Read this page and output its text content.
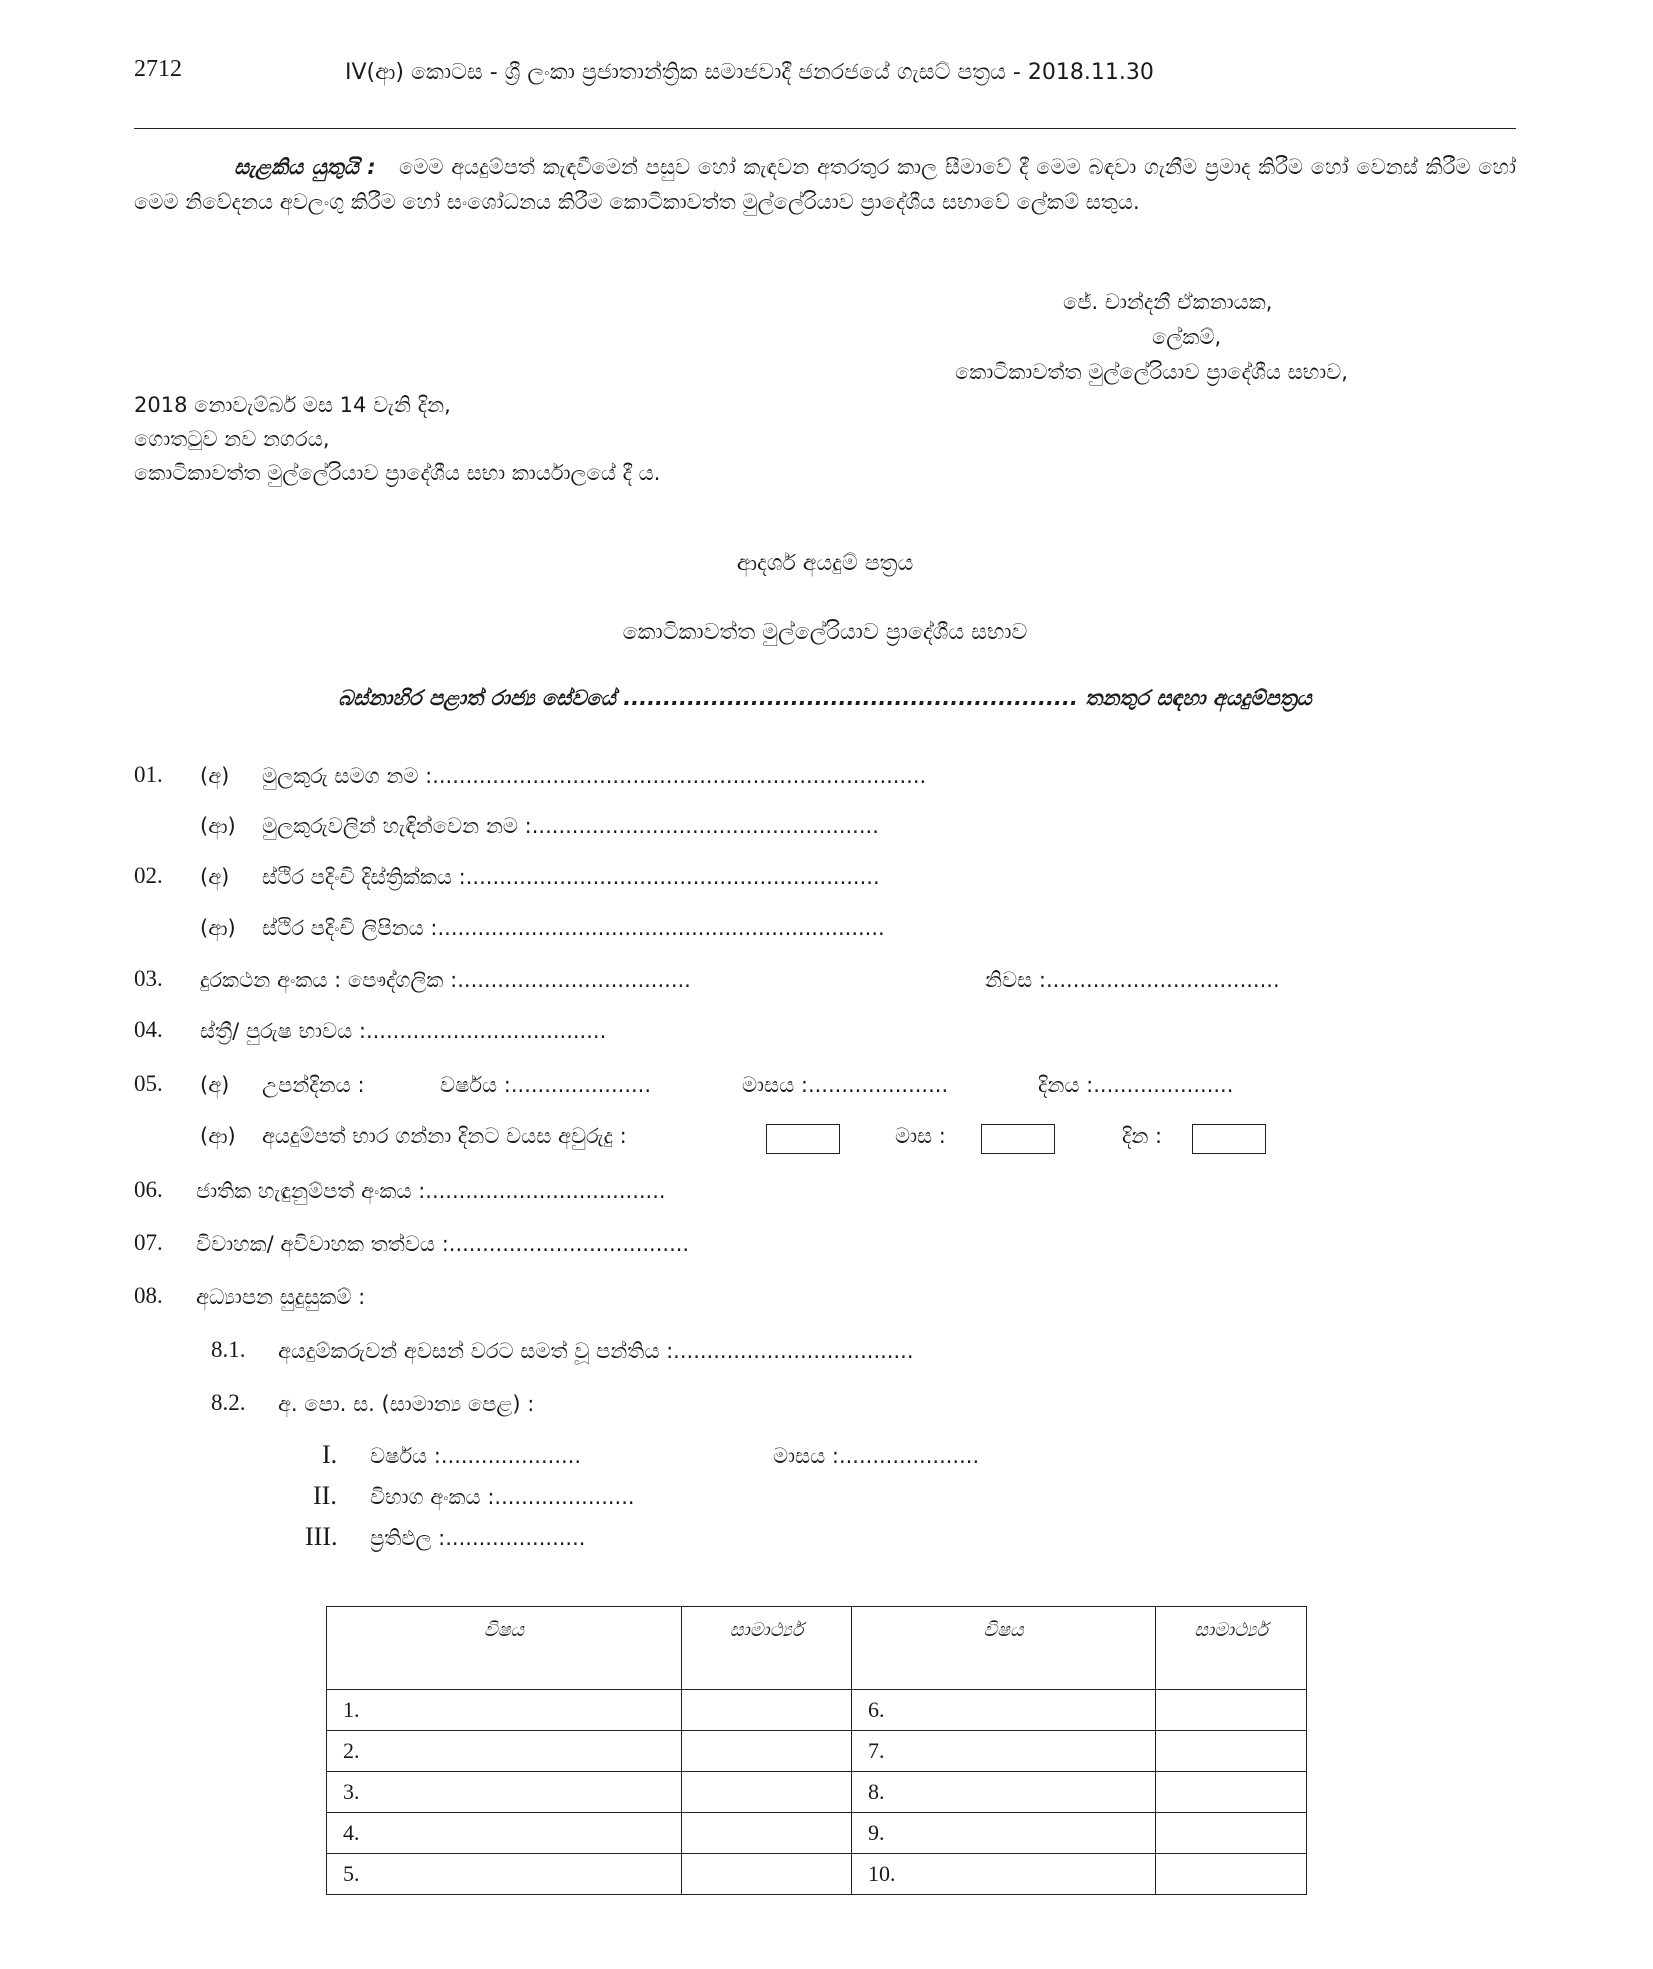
2712	IV(ආ) කොටස - ශ්‍රී ලංකා ප්‍රජාතාන්ත්‍රික සමාජවාදී ජනරජයේ ගැසට් පත්‍රය - 2018.11.30
සැළකිය යුතුයි : මෙම අයදුම්පත් කැඳවීමෙන් පසුව හෝ කැඳවන අතරතුර කාල සීමාවේ දී මෙම බඳවා ගැනීම ප්‍රමාද කිරීම හෝ වෙනස් කිරීම හෝ මෙම නිවේදනය අවලංගු කිරීම හෝ සංශෝධනය කිරීම කොටිකාවත්ත මුල්ලේරියාව ප්‍රාදේශීය සභාවේ ලේකම් සතුය.
ජේ. චාන්දනී ඒකනායක,
ලේකම්,
කොටිකාවත්ත මුල්ලේරියාව ප්‍රාදේශීය සභාව,
2018 නොවැම්බර් මස 14 වැනි දින,
ගොතටුව නව නගරය,
කොටිකාවත්ත මුල්ලේරියාව ප්‍රාදේශීය සභා කාර්යාලයේ දී ය.
ආදර්ශ අයදුම් පත්‍රය
කොටිකාවත්ත මුල්ලේරියාව ප්‍රාදේශීය සභාව
බස්නාහිර පළාත් රාජ්‍ය සේවයේ ......................................................... තනතුර සඳහා අයදුම්පත්‍රය
01. (අ) මුලකුරු සමග නම :..........................................................................
(ආ) මුලකුරුවලින් හැඳින්වෙන නම :....................................................
02. (අ) ස්ථිර පදිංචි දිස්ත්‍රික්කය :..............................................................
(ආ) ස්ථිර පදිංචි ලිපිනය :...................................................................
03. දුරකථන අංකය : පෞද්ගලික :...................................	නිවස :...................................
04. ස්ත්‍රී/ පුරුෂ භාවය :....................................
05. (අ) උපන්දිනය :	වර්ෂය :.....................	මාසය :.....................	දිනය :.....................
(ආ) අයදුම්පත් භාර ගන්නා දිනට වයස අවුරුදු :	මාස :	දින :
06. ජාතික හැඳුනුම්පත් අංකය :....................................
07. විවාහක/ අවිවාහක තත්වය :....................................
08. අධ්‍යාපන සුදුසුකම් :
8.1. අයදුම්කරුවන් අවසන් වරට සමත් වූ පන්තිය :....................................
8.2. අ. පො. ස. (සාමාන්‍ය පෙළ) :
I. වර්ෂය :.....................	මාසය :.....................
II. විභාග අංකය :.....................
III. ප්‍රතිඵල :.....................
විෂය	සාමාර්ථ්‍ය	විෂය	සාමාර්ථ්‍ය
1.		6.	
2.		7.	
3.		8.	
4.		9.	
5.		10.	
